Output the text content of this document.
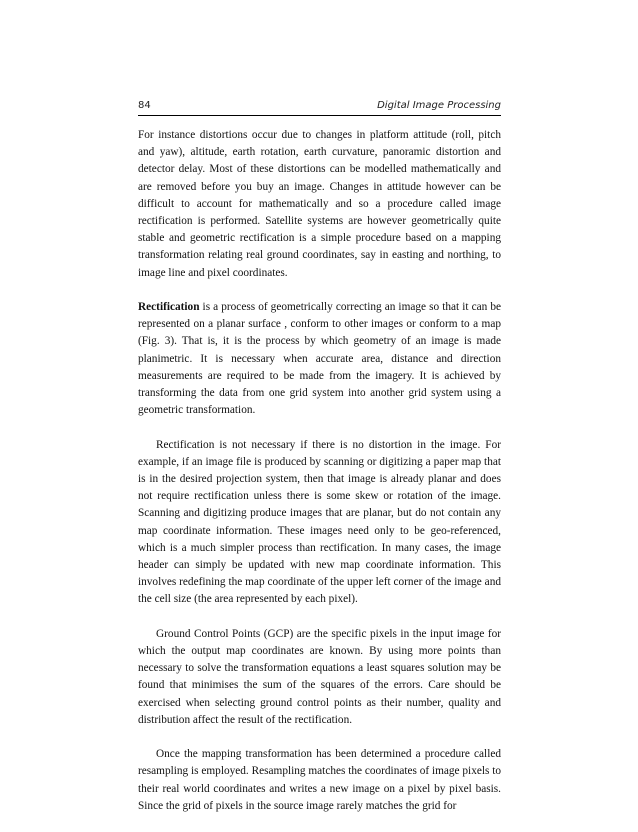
84	Digital Image Processing

For instance distortions occur due to changes in platform attitude (roll, pitch and yaw), altitude, earth rotation, earth curvature, panoramic distortion and detector delay. Most of these distortions can be modelled mathematically and are removed before you buy an image. Changes in attitude however can be difficult to account for mathematically and so a procedure called image rectification is performed. Satellite systems are however geometrically quite stable and geometric rectification is a simple procedure based on a mapping transformation relating real ground coordinates, say in easting and northing, to image line and pixel coordinates.

Rectification is a process of geometrically correcting an image so that it can be represented on a planar surface , conform to other images or conform to a map (Fig. 3). That is, it is the process by which geometry of an image is made planimetric. It is necessary when accurate area, distance and direction measurements are required to be made from the imagery. It is achieved by transforming the data from one grid system into another grid system using a geometric transformation.

Rectification is not necessary if there is no distortion in the image. For example, if an image file is produced by scanning or digitizing a paper map that is in the desired projection system, then that image is already planar and does not require rectification unless there is some skew or rotation of the image. Scanning and digitizing produce images that are planar, but do not contain any map coordinate information. These images need only to be geo-referenced, which is a much simpler process than rectification. In many cases, the image header can simply be updated with new map coordinate information. This involves redefining the map coordinate of the upper left corner of the image and the cell size (the area represented by each pixel).

Ground Control Points (GCP) are the specific pixels in the input image for which the output map coordinates are known. By using more points than necessary to solve the transformation equations a least squares solution may be found that minimises the sum of the squares of the errors. Care should be exercised when selecting ground control points as their number, quality and distribution affect the result of the rectification.

Once the mapping transformation has been determined a procedure called resampling is employed. Resampling matches the coordinates of image pixels to their real world coordinates and writes a new image on a pixel by pixel basis. Since the grid of pixels in the source image rarely matches the grid for
